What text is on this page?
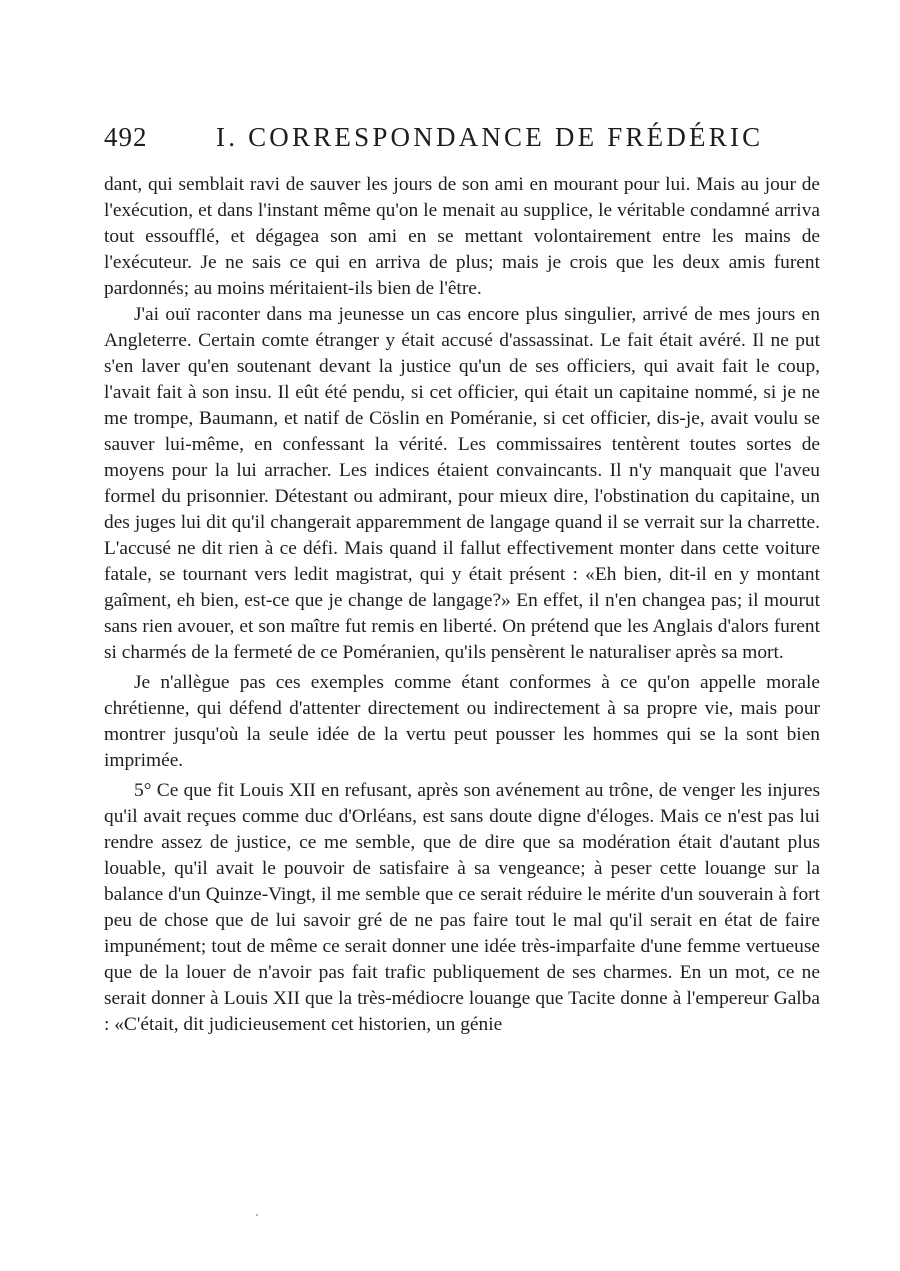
492	I. CORRESPONDANCE DE FRÉDÉRIC

dant, qui semblait ravi de sauver les jours de son ami en mourant pour lui. Mais au jour de l'exécution, et dans l'instant même qu'on le menait au supplice, le véritable condamné arriva tout essoufflé, et dégagea son ami en se mettant volontairement entre les mains de l'exécuteur. Je ne sais ce qui en arriva de plus; mais je crois que les deux amis furent pardonnés; au moins méritaient-ils bien de l'être.

J'ai ouï raconter dans ma jeunesse un cas encore plus singulier, arrivé de mes jours en Angleterre. Certain comte étranger y était accusé d'assassinat. Le fait était avéré. Il ne put s'en laver qu'en soutenant devant la justice qu'un de ses officiers, qui avait fait le coup, l'avait fait à son insu. Il eût été pendu, si cet officier, qui était un capitaine nommé, si je ne me trompe, Baumann, et natif de Cöslin en Poméranie, si cet officier, dis-je, avait voulu se sauver lui-même, en confessant la vérité. Les commissaires tentèrent toutes sortes de moyens pour la lui arracher. Les indices étaient convaincants. Il n'y manquait que l'aveu formel du prisonnier. Détestant ou admirant, pour mieux dire, l'obstination du capitaine, un des juges lui dit qu'il changerait apparemment de langage quand il se verrait sur la charrette. L'accusé ne dit rien à ce défi. Mais quand il fallut effectivement monter dans cette voiture fatale, se tournant vers ledit magistrat, qui y était présent : «Eh bien, dit-il en y montant gaîment, eh bien, est-ce que je change de langage?» En effet, il n'en changea pas; il mourut sans rien avouer, et son maître fut remis en liberté. On prétend que les Anglais d'alors furent si charmés de la fermeté de ce Poméranien, qu'ils pensèrent le naturaliser après sa mort.

Je n'allègue pas ces exemples comme étant conformes à ce qu'on appelle morale chrétienne, qui défend d'attenter directement ou indirectement à sa propre vie, mais pour montrer jusqu'où la seule idée de la vertu peut pousser les hommes qui se la sont bien imprimée.

5° Ce que fit Louis XII en refusant, après son avénement au trône, de venger les injures qu'il avait reçues comme duc d'Orléans, est sans doute digne d'éloges. Mais ce n'est pas lui rendre assez de justice, ce me semble, que de dire que sa modération était d'autant plus louable, qu'il avait le pouvoir de satisfaire à sa vengeance; à peser cette louange sur la balance d'un Quinze-Vingt, il me semble que ce serait réduire le mérite d'un souverain à fort peu de chose que de lui savoir gré de ne pas faire tout le mal qu'il serait en état de faire impunément; tout de même ce serait donner une idée très-imparfaite d'une femme vertueuse que de la louer de n'avoir pas fait trafic publiquement de ses charmes. En un mot, ce ne serait donner à Louis XII que la très-médiocre louange que Tacite donne à l'empereur Galba : «C'était, dit judicieusement cet historien, un génie
